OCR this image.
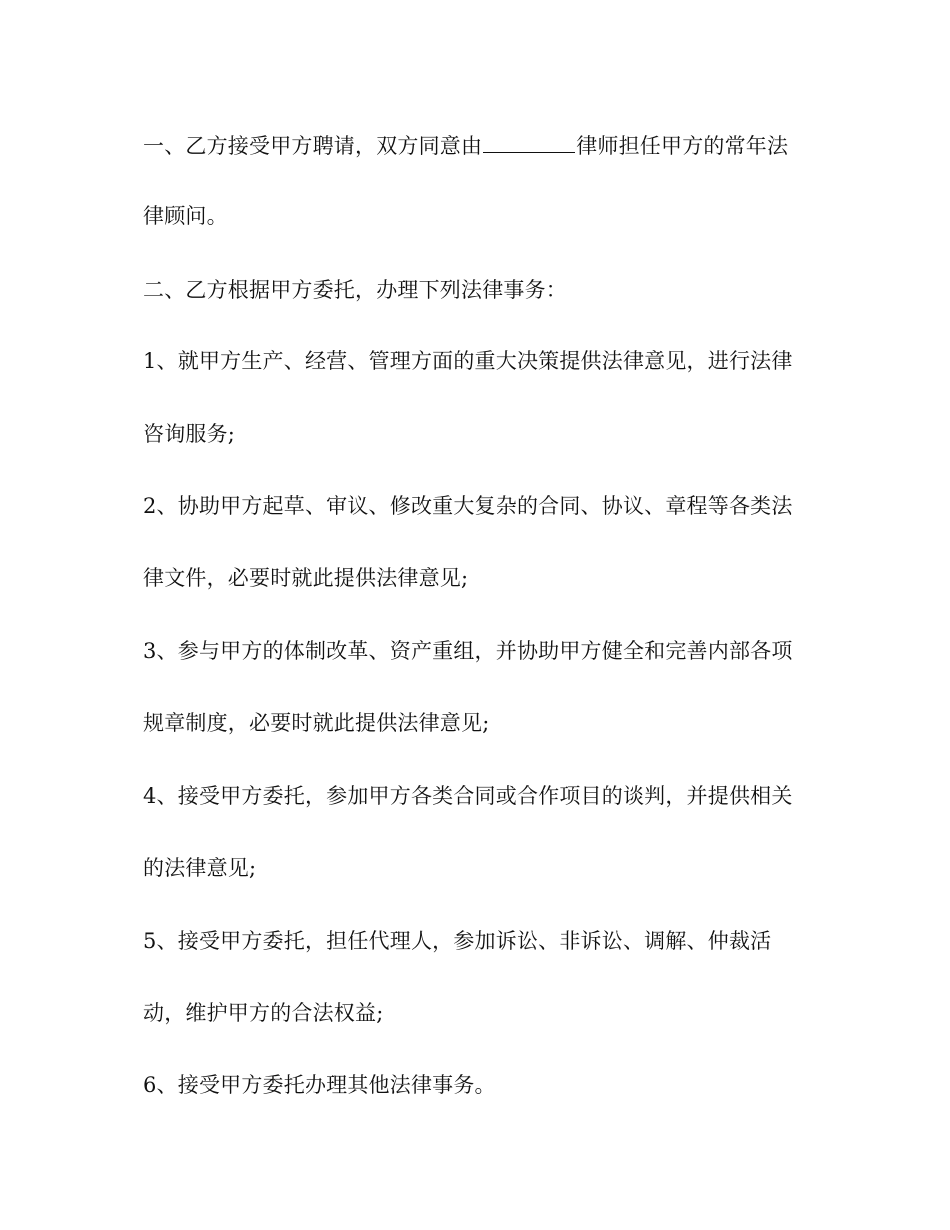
一、乙方接受甲方聘请，双方同意由	律师担任甲方的常年法
律顾问。
二、乙方根据甲方委托，办理下列法律事务：
1、就甲方生产、经营、管理方面的重大决策提供法律意见，进行法律
咨询服务;
2、协助甲方起草、审议、修改重大复杂的合同、协议、章程等各类法
律文件，必要时就此提供法律意见;
3、参与甲方的体制改革、资产重组，并协助甲方健全和完善内部各项
规章制度，必要时就此提供法律意见;
4、接受甲方委托，参加甲方各类合同或合作项目的谈判，并提供相关
的法律意见;
5、接受甲方委托，担任代理人，参加诉讼、非诉讼、调解、仲裁活
动，维护甲方的合法权益;
6、接受甲方委托办理其他法律事务。
